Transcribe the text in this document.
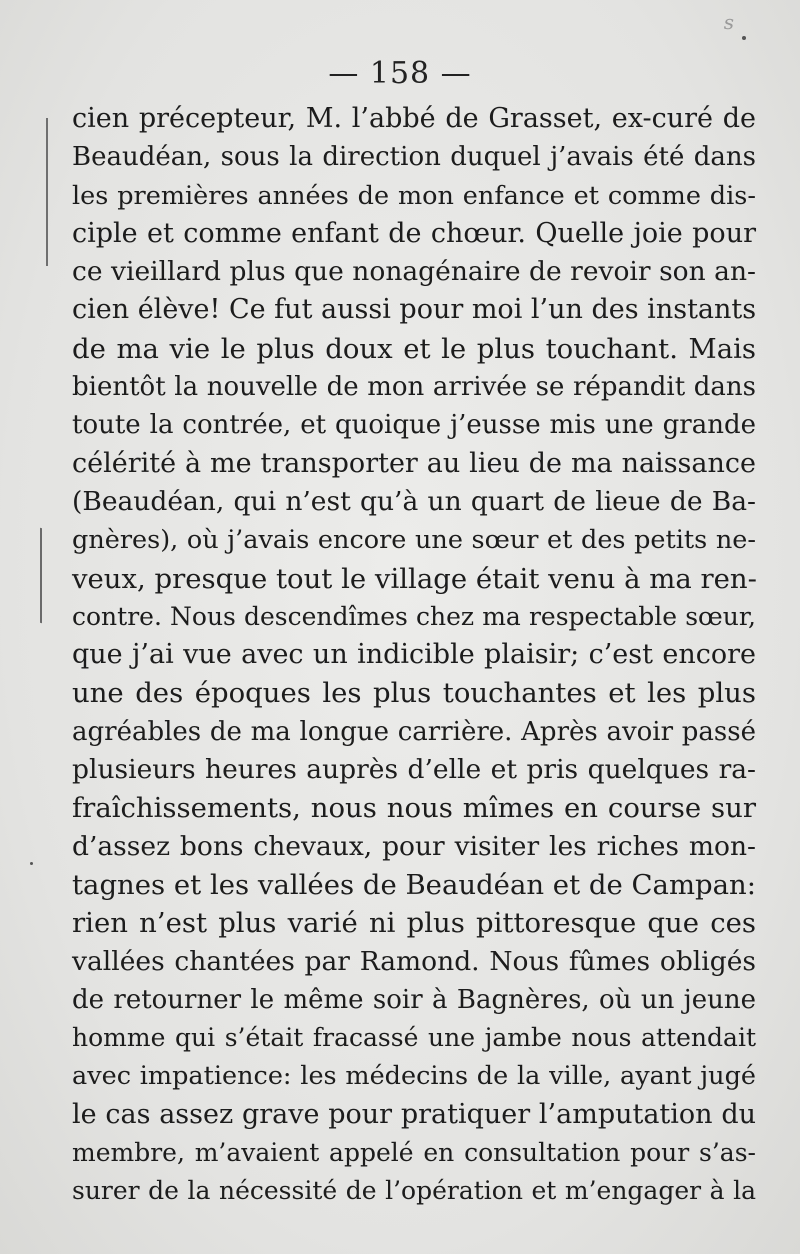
s
— 158 —
cien précepteur, M. l’abbé de Grasset, ex-curé de
Beaudéan, sous la direction duquel j’avais été dans
les premières années de mon enfance et comme dis-
ciple et comme enfant de chœur. Quelle joie pour
ce vieillard plus que nonagénaire de revoir son an-
cien élève! Ce fut aussi pour moi l’un des instants
de ma vie le plus doux et le plus touchant. Mais
bientôt la nouvelle de mon arrivée se répandit dans
toute la contrée, et quoique j’eusse mis une grande
célérité à me transporter au lieu de ma naissance
(Beaudéan, qui n’est qu’à un quart de lieue de Ba-
gnères), où j’avais encore une sœur et des petits ne-
veux, presque tout le village était venu à ma ren-
contre. Nous descendîmes chez ma respectable sœur,
que j’ai vue avec un indicible plaisir; c’est encore
une des époques les plus touchantes et les plus
agréables de ma longue carrière. Après avoir passé
plusieurs heures auprès d’elle et pris quelques ra-
fraîchissements, nous nous mîmes en course sur
d’assez bons chevaux, pour visiter les riches mon-
tagnes et les vallées de Beaudéan et de Campan:
rien n’est plus varié ni plus pittoresque que ces
vallées chantées par Ramond. Nous fûmes obligés
de retourner le même soir à Bagnères, où un jeune
homme qui s’était fracassé une jambe nous attendait
avec impatience: les médecins de la ville, ayant jugé
le cas assez grave pour pratiquer l’amputation du
membre, m’avaient appelé en consultation pour s’as-
surer de la nécessité de l’opération et m’engager à la
